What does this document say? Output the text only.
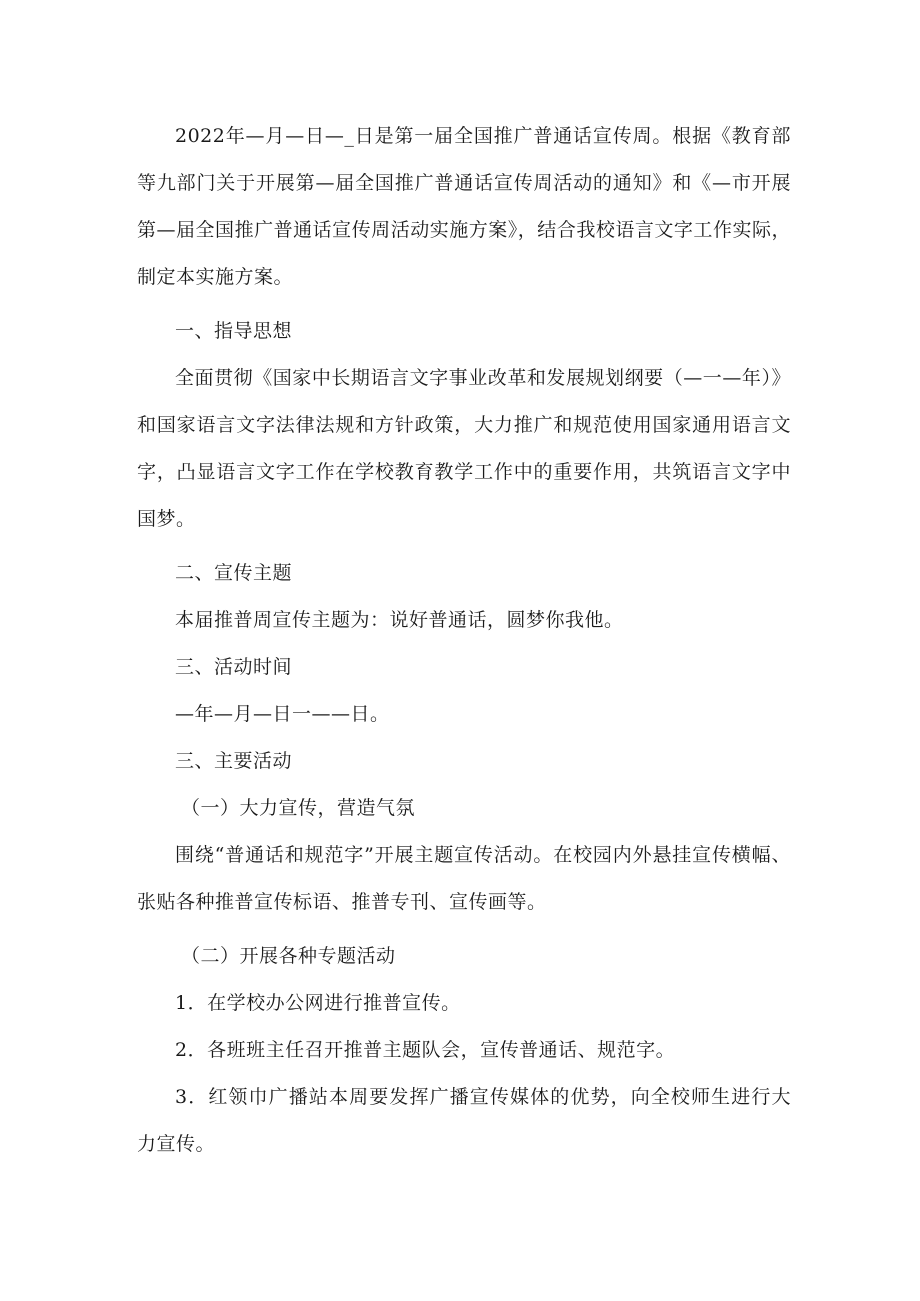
2022年—月—日—_日是第一届全国推广普通话宣传周。根据《教育部等九部门关于开展第—届全国推广普通话宣传周活动的通知》和《—市开展第—届全国推广普通话宣传周活动实施方案》，结合我校语言文字工作实际，制定本实施方案。

一、指导思想

全面贯彻《国家中长期语言文字事业改革和发展规划纲要（—一—年）》和国家语言文字法律法规和方针政策，大力推广和规范使用国家通用语言文字，凸显语言文字工作在学校教育教学工作中的重要作用，共筑语言文字中国梦。

二、宣传主题

本届推普周宣传主题为：说好普通话，圆梦你我他。

三、活动时间

—年—月—日一——日。

三、主要活动

（一）大力宣传，营造气氛

围绕“普通话和规范字”开展主题宣传活动。在校园内外悬挂宣传横幅、张贴各种推普宣传标语、推普专刊、宣传画等。

（二）开展各种专题活动

1．在学校办公网进行推普宣传。

2．各班班主任召开推普主题队会，宣传普通话、规范字。

3．红领巾广播站本周要发挥广播宣传媒体的优势，向全校师生进行大力宣传。
